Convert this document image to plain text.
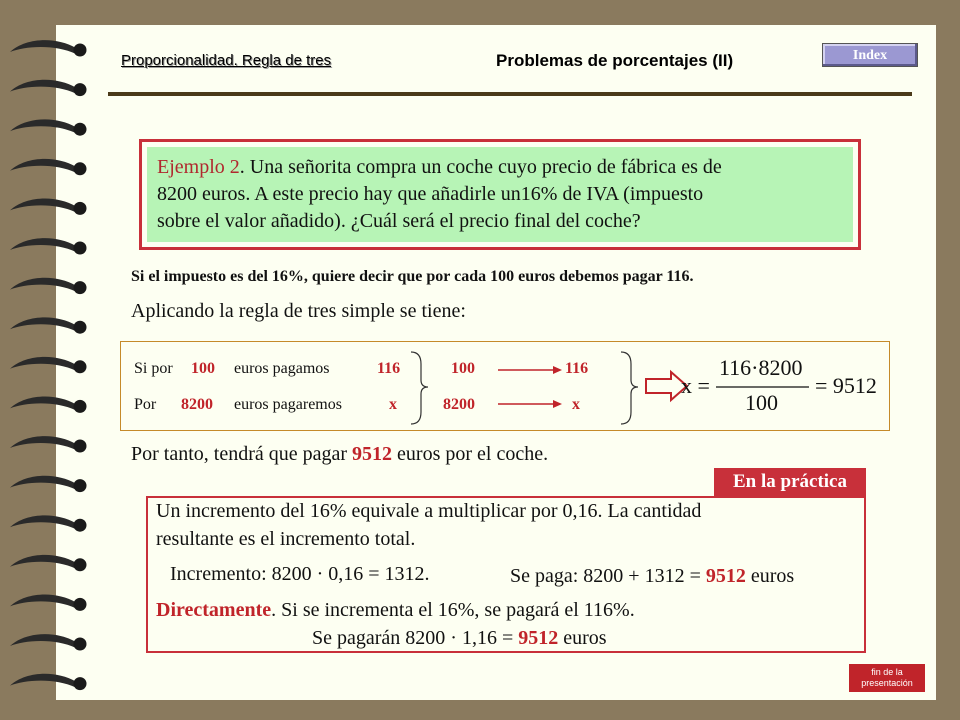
Proporcionalidad. Regla de tres	Problemas de porcentajes (II)	Index
Ejemplo 2. Una señorita compra un coche cuyo precio de fábrica es de
8200 euros. A este precio hay que añadirle un16% de IVA (impuesto
sobre el valor añadido). ¿Cuál será el precio final del coche?
Si el impuesto es del 16%, quiere decir que por cada 100 euros debemos pagar 116.
Aplicando la regla de tres simple se tiene:
Si por 100 euros pagamos	116
Por 8200 euros pagaremos	x
100	116
8200	x
x =
116·8200
100
= 9512
Por tanto, tendrá que pagar 9512 euros por el coche.
En la práctica
Un incremento del 16% equivale a multiplicar por 0,16. La cantidad
resultante es el incremento total.
Incremento: 8200 · 0,16 = 1312.	Se paga: 8200 + 1312 = 9512 euros
Directamente. Si se incrementa el 16%, se pagará el 116%.
Se pagarán 8200 · 1,16 = 9512 euros
fin de la
presentación
